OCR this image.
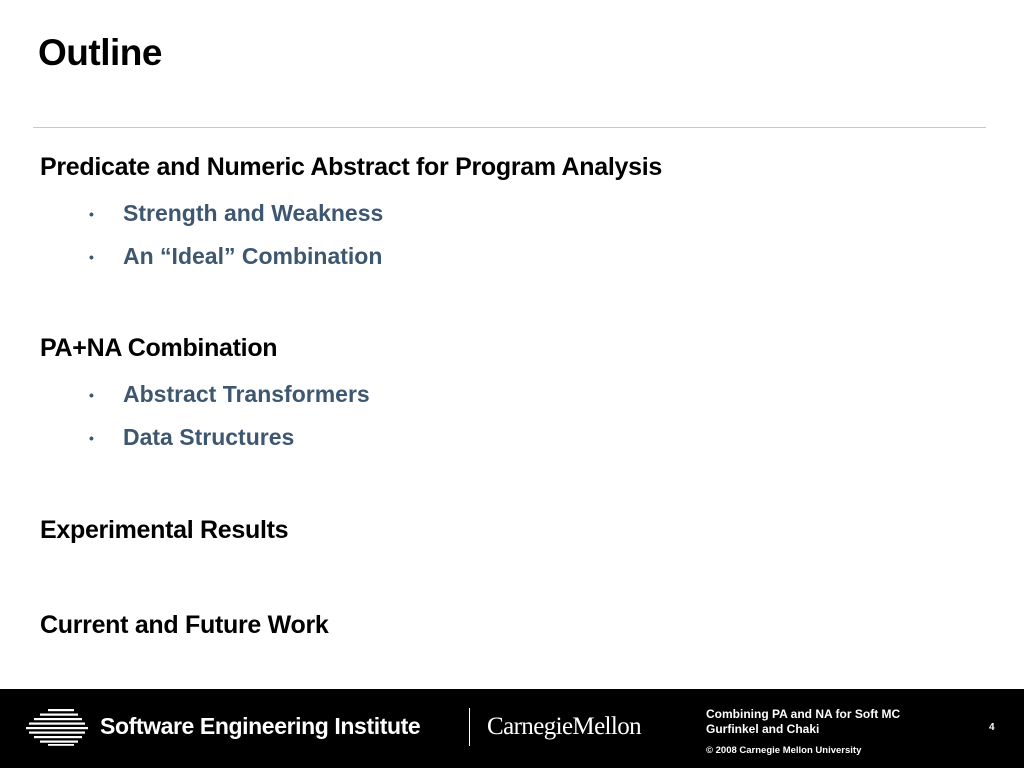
Outline
Predicate and Numeric Abstract for Program Analysis
•	Strength and Weakness
•	An “Ideal” Combination
PA+NA Combination
•	Abstract Transformers
•	Data Structures
Experimental Results
Current and Future Work
Software Engineering Institute	CarnegieMellon	Combining PA and NA for Soft MC
Gurfinkel and Chaki
© 2008 Carnegie Mellon University
4
